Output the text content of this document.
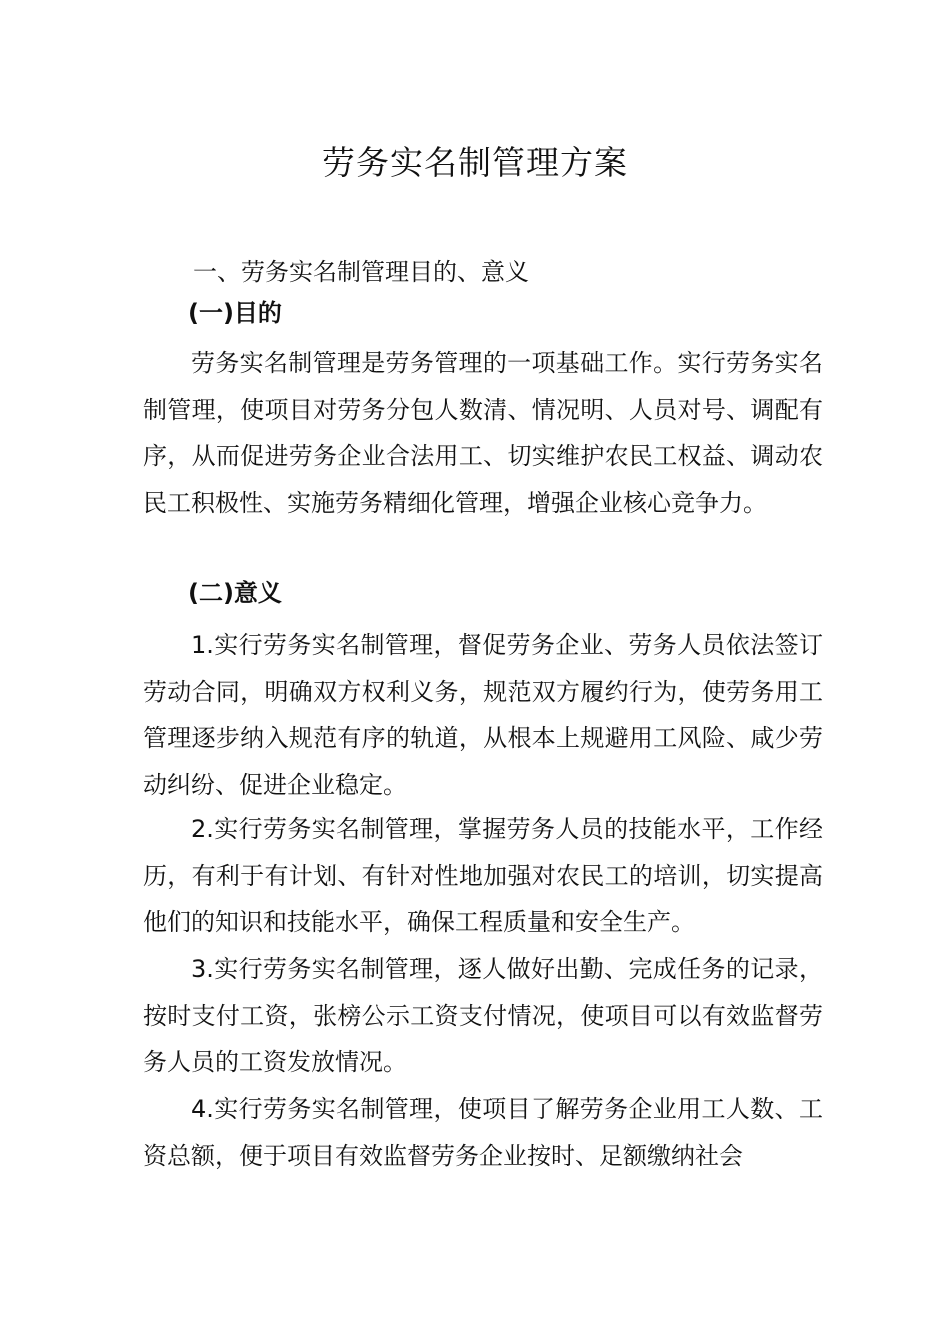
劳务实名制管理方案
一、劳务实名制管理目的、意义
(一)目的

劳务实名制管理是劳务管理的一项基础工作。实行劳务实名制管理，使项目对劳务分包人数清、情况明、人员对号、调配有序，从而促进劳务企业合法用工、切实维护农民工权益、调动农民工积极性、实施劳务精细化管理，增强企业核心竞争力。

(二)意义

1.实行劳务实名制管理，督促劳务企业、劳务人员依法签订劳动合同，明确双方权利义务，规范双方履约行为，使劳务用工管理逐步纳入规范有序的轨道，从根本上规避用工风险、咸少劳动纠纷、促进企业稳定。

2.实行劳务实名制管理，掌握劳务人员的技能水平，工作经历，有利于有计划、有针对性地加强对农民工的培训，切实提高他们的知识和技能水平，确保工程质量和安全生产。

3.实行劳务实名制管理，逐人做好出勤、完成任务的记录，按时支付工资，张榜公示工资支付情况，使项目可以有效监督劳务人员的工资发放情况。

4.实行劳务实名制管理，使项目了解劳务企业用工人数、工资总额，便于项目有效监督劳务企业按时、足额缴纳社会
